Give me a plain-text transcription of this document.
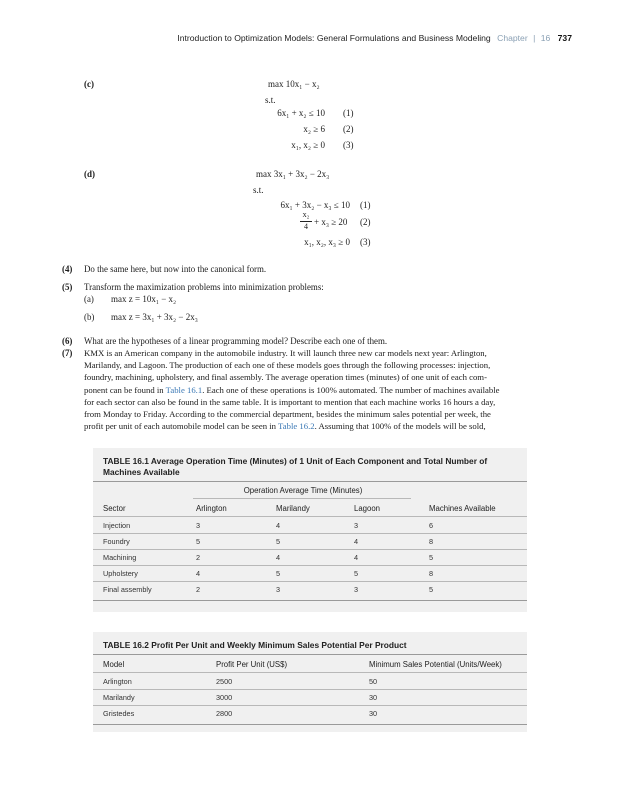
Introduction to Optimization Models: General Formulations and Business Modeling Chapter | 16 737
(c)	max 10x₁ − x₂
s.t.
6x₁ + x₂ ≤ 10
x₂ ≥ 6
x₁, x₂ ≥ 0
(1)
(2)
(3)
(d)	max 3x₁ + 3x₂ − 2x₃
s.t.
6x₁ + 3x₂ − x₃ ≤ 10
x₂
4 + x₃ ≥ 20
x₁, x₂, x₃ ≥ 0
(1)
(2)
(3)
(4) Do the same here, but now into the canonical form.
(5) Transform the maximization problems into minimization problems:
(a) max z = 10x₁ − x₂
(b) max z = 3x₁ + 3x₂ − 2x₃
(6) What are the hypotheses of a linear programming model? Describe each one of them.
(7) KMX is an American company in the automobile industry. It will launch three new car models next year: Arlington,
Marilandy, and Lagoon. The production of each one of these models goes through the following processes: injection,
foundry, machining, upholstery, and final assembly. The average operation times (minutes) of one unit of each com-
ponent can be found in Table 16.1. Each one of these operations is 100% automated. The number of machines available
for each sector can also be found in the same table. It is important to mention that each machine works 16 hours a day,
from Monday to Friday. According to the commercial department, besides the minimum sales potential per week, the
profit per unit of each automobile model can be seen in Table 16.2. Assuming that 100% of the models will be sold,
TABLE 16.1 Average Operation Time (Minutes) of 1 Unit of Each Component and Total Number of
Machines Available
Operation Average Time (Minutes)
Sector	Arlington	Marilandy	Lagoon	Machines Available
Injection	3	4	3	6
Foundry	5	5	4	8
Machining	2	4	4	5
Upholstery	4	5	5	8
Final assembly	2	3	3	5
TABLE 16.2 Profit Per Unit and Weekly Minimum Sales Potential Per Product
Model	Profit Per Unit (US$)	Minimum Sales Potential (Units/Week)
Arlington	2500	50
Marilandy	3000	30
Gristedes	2800	30
